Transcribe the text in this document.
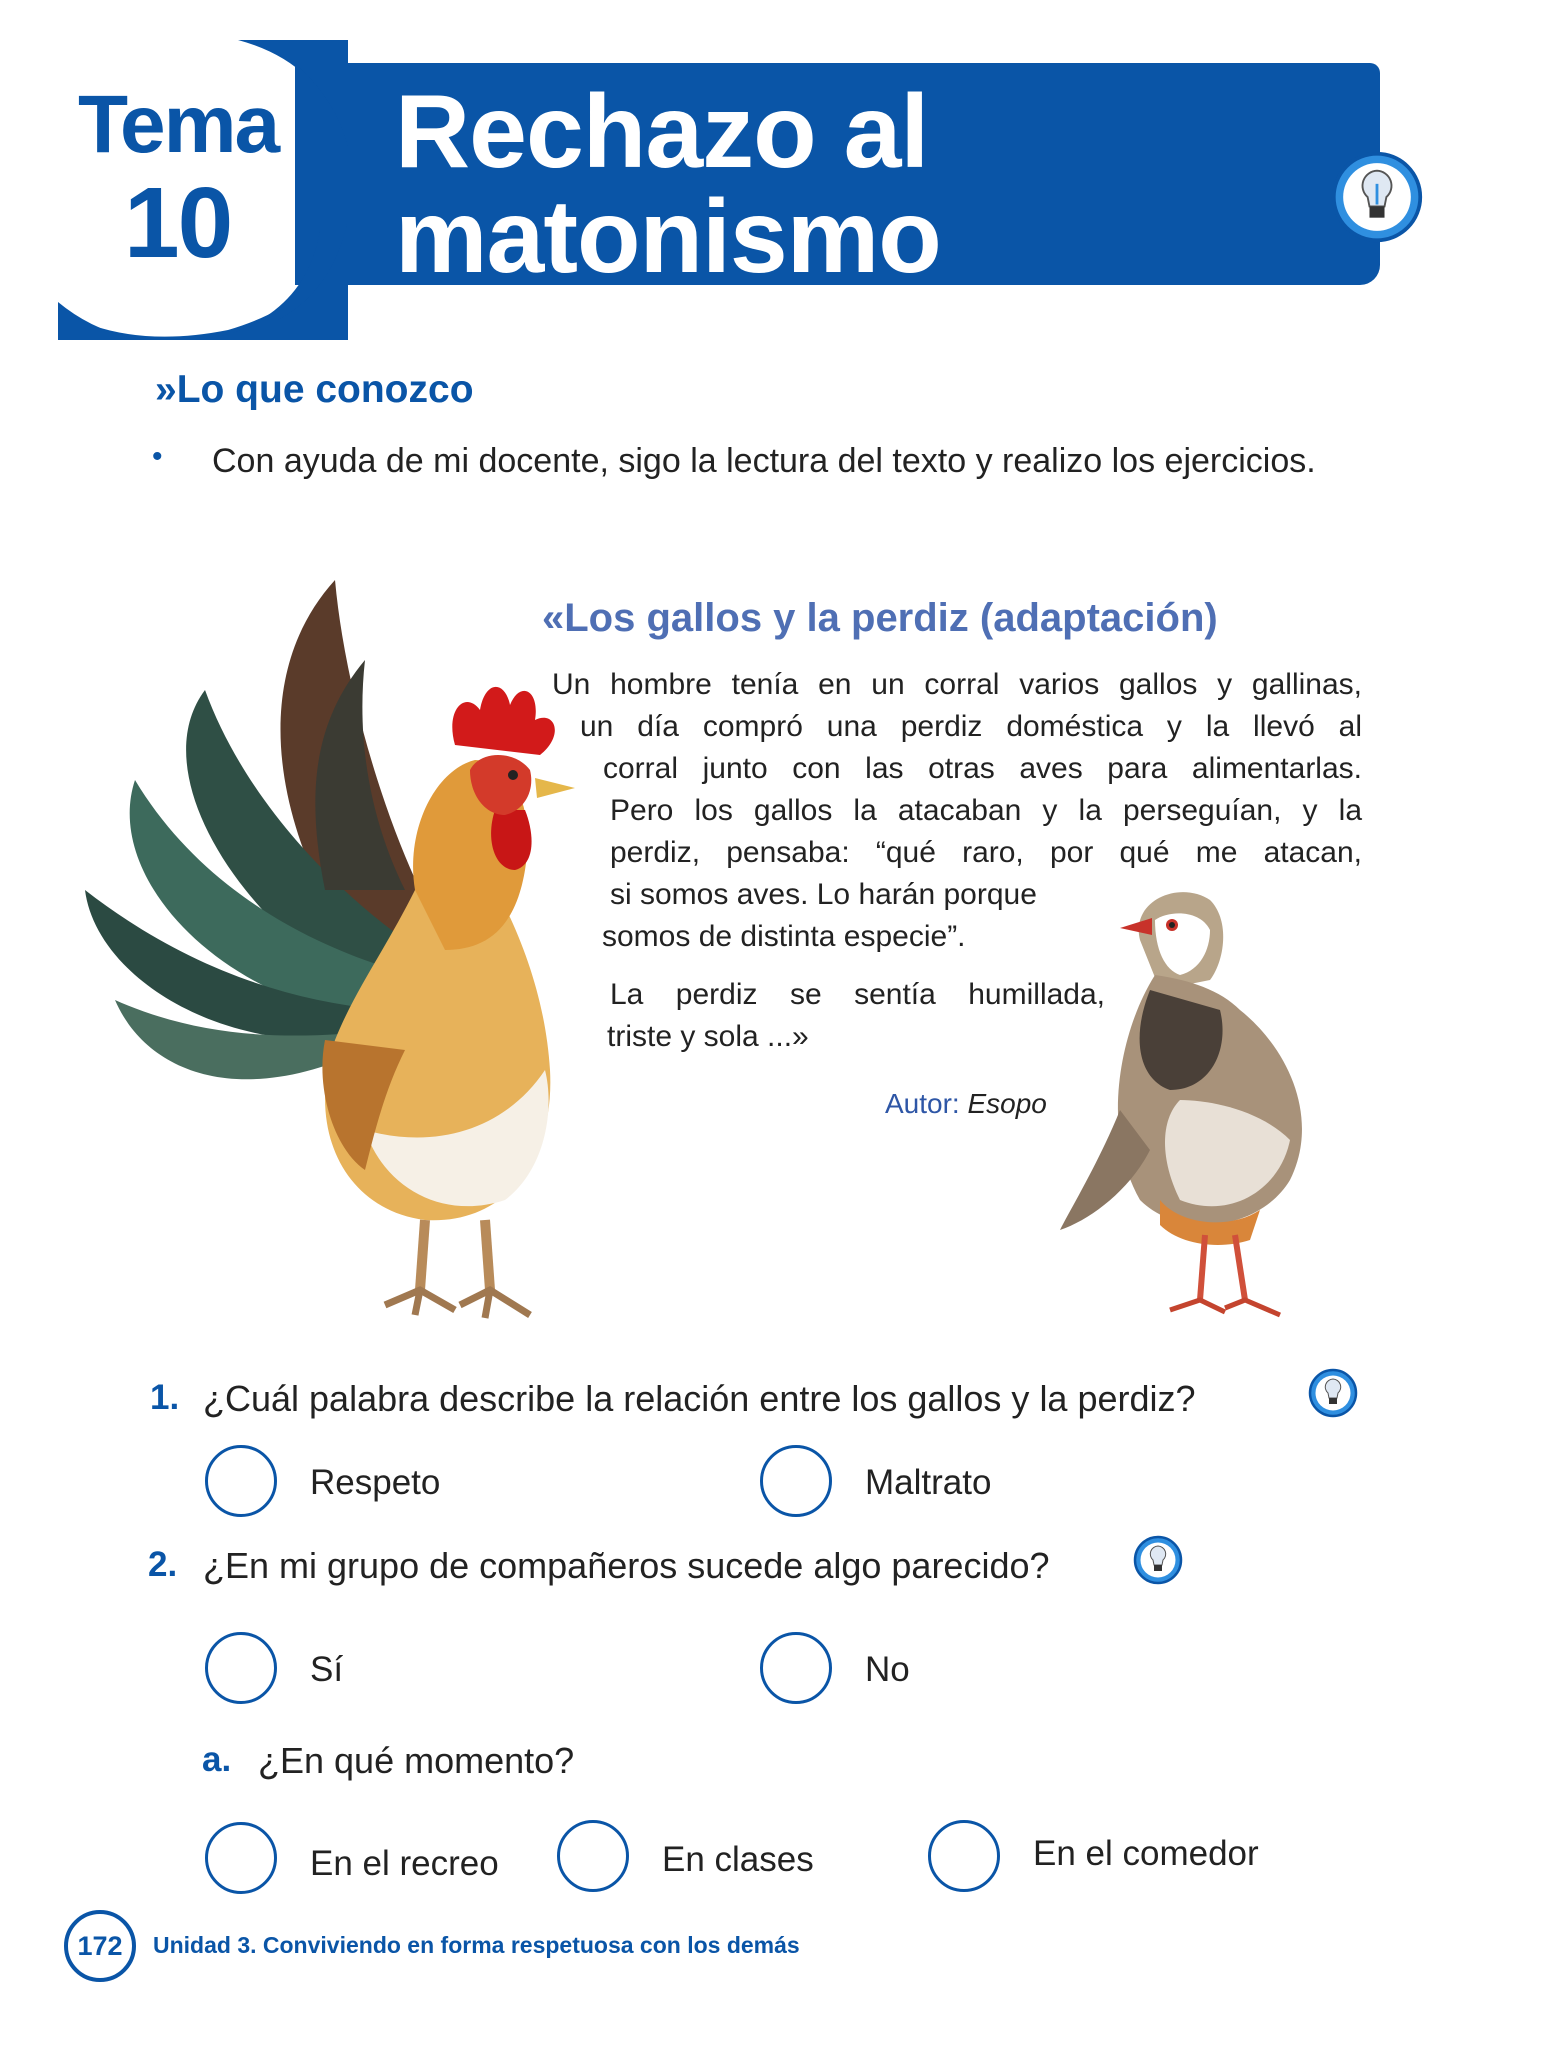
Tema
10
Rechazo al
matonismo
»Lo que conozco
• Con ayuda de mi docente, sigo la lectura del texto y realizo los ejercicios.
«Los gallos y la perdiz (adaptación)
Un hombre tenía en un corral varios gallos y gallinas,
un día compró una perdiz doméstica y la llevó al
corral junto con las otras aves para alimentarlas.
Pero los gallos la atacaban y la perseguían, y la
perdiz, pensaba: “qué raro, por qué me atacan,
si somos aves. Lo harán porque
somos de distinta especie”.
La perdiz se sentía humillada,
triste y sola ...»
Autor: Esopo
1. ¿Cuál palabra describe la relación entre los gallos y la perdiz?
Respeto	Maltrato
2. ¿En mi grupo de compañeros sucede algo parecido?
Sí	No
a. ¿En qué momento?
En el recreo	En clases	En el comedor
172	Unidad 3. Conviviendo en forma respetuosa con los demás
